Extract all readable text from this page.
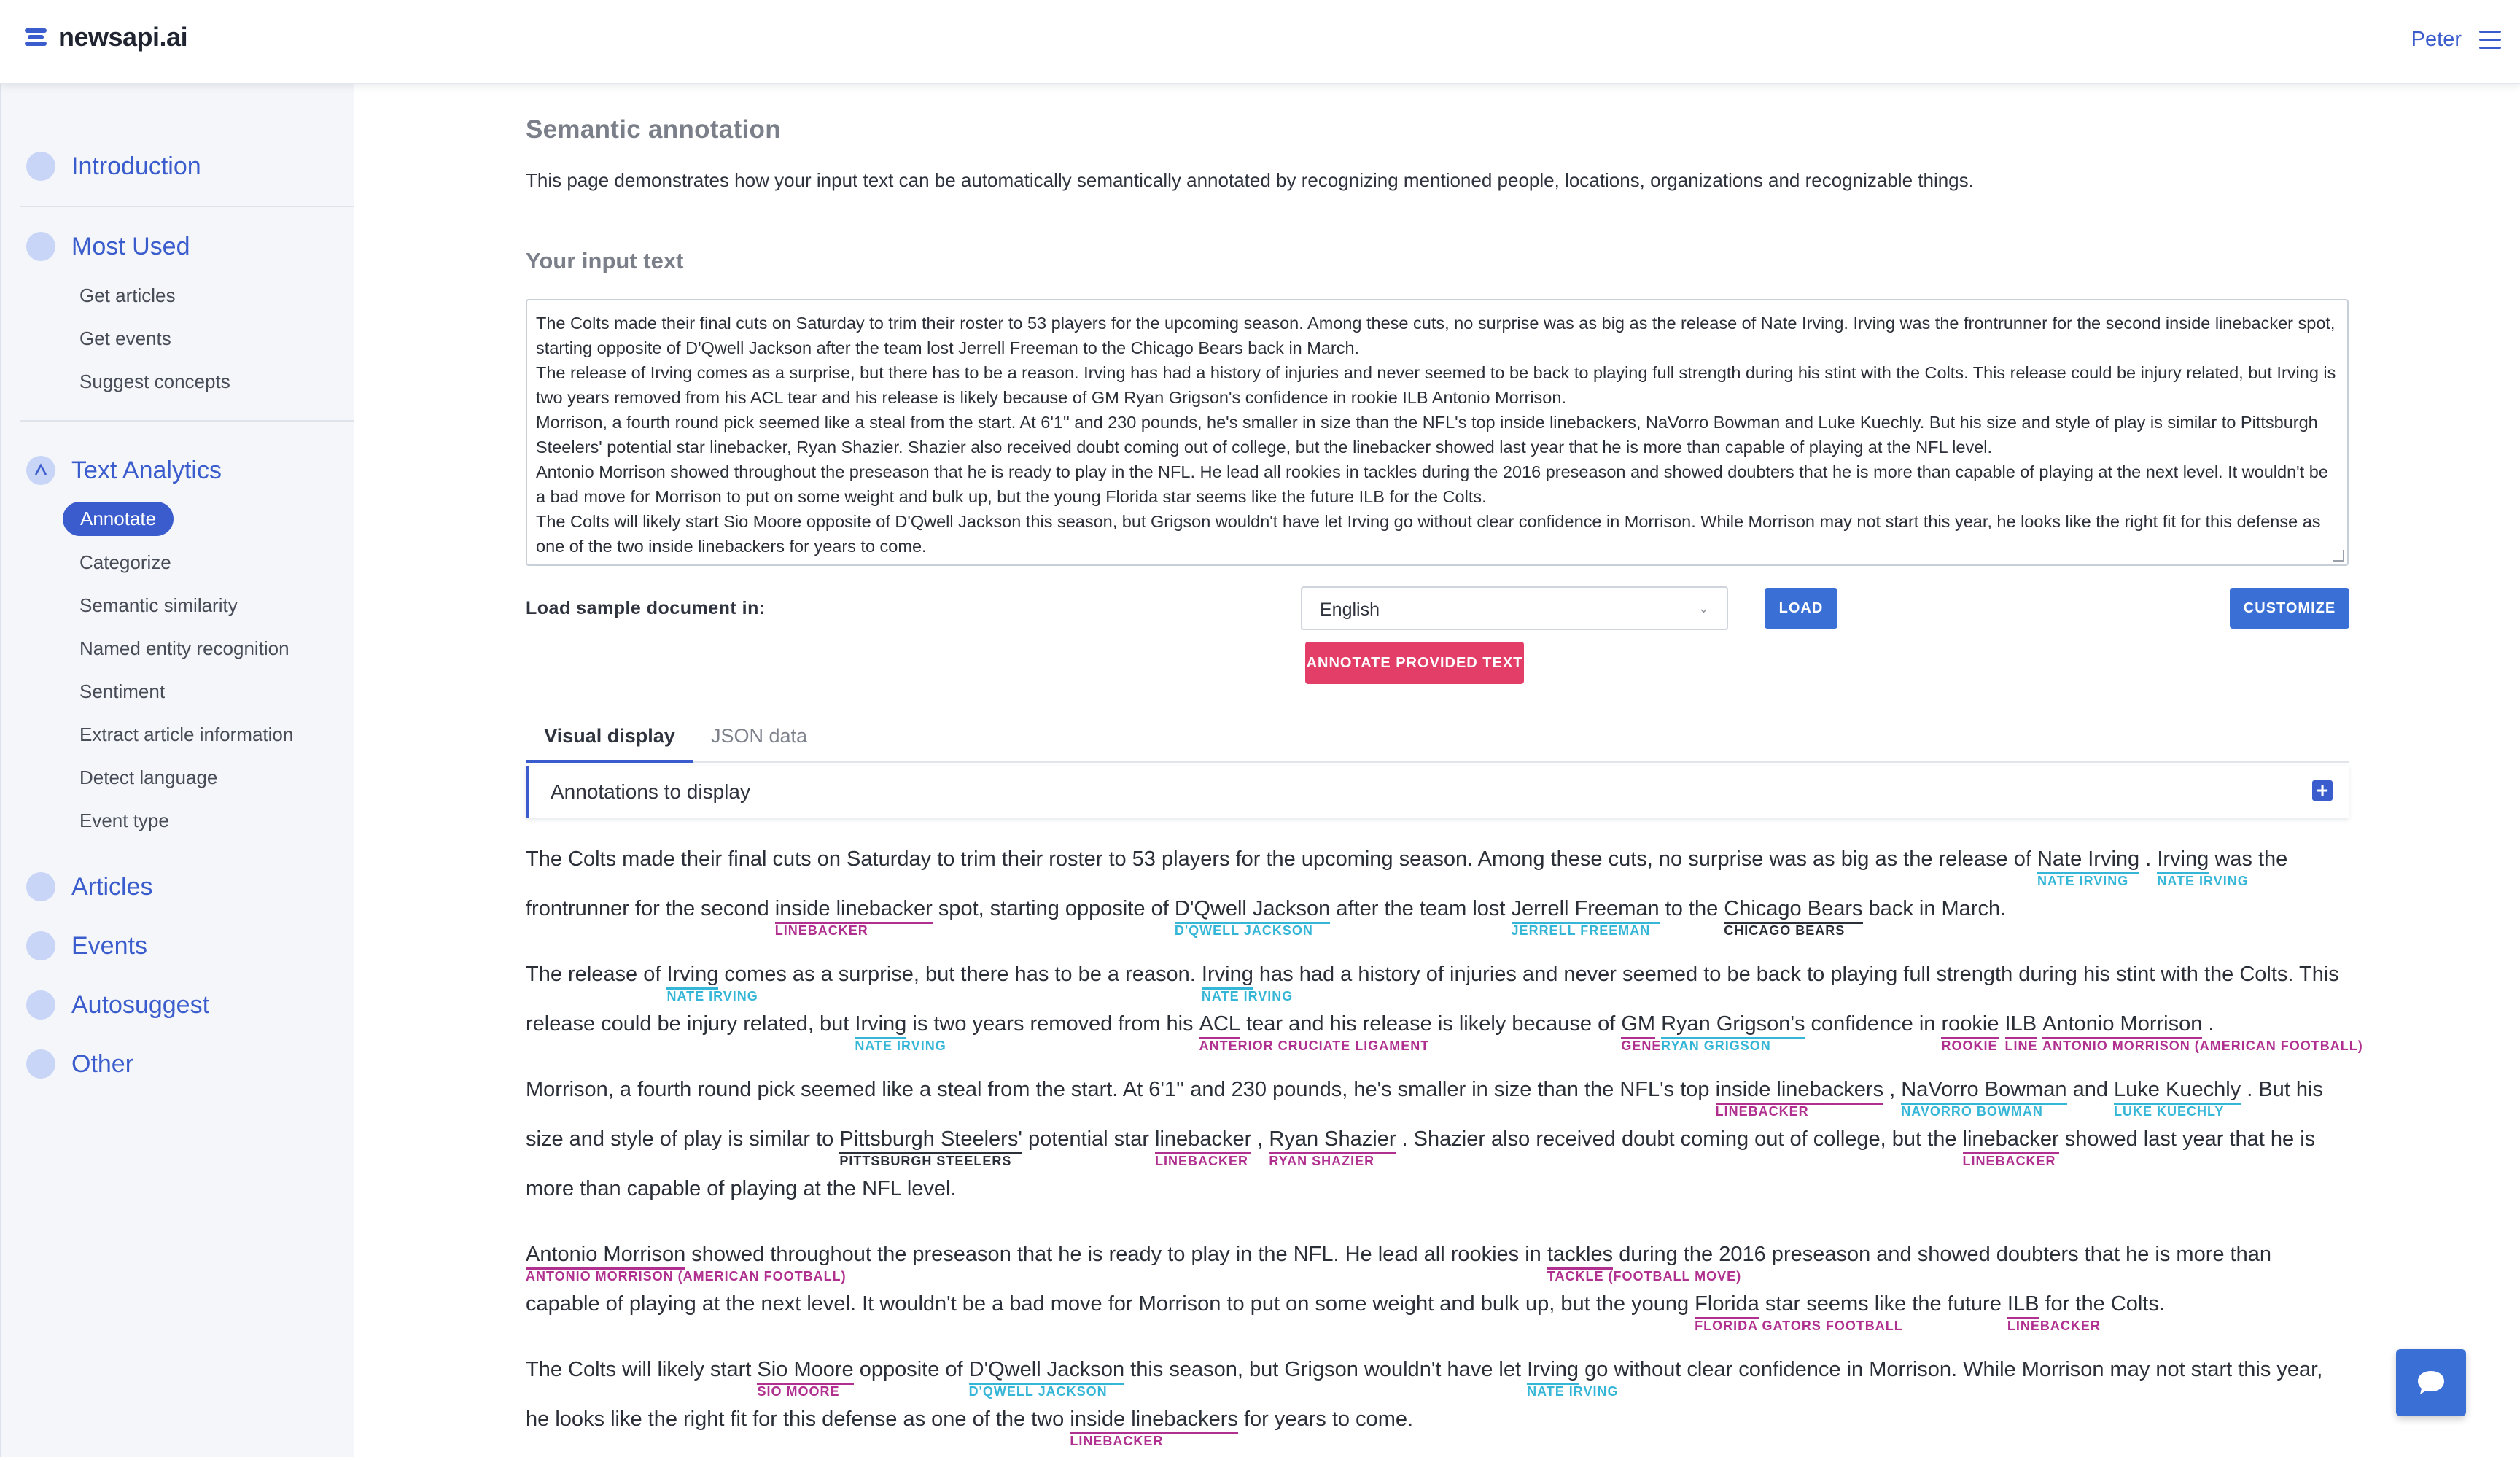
newsapi.ai	Peter
Introduction
Most Used
Get articles
Get events
Suggest concepts
Text Analytics
Annotate
Categorize
Semantic similarity
Named entity recognition
Sentiment
Extract article information
Detect language
Event type
Articles
Events
Autosuggest
Other
Semantic annotation
This page demonstrates how your input text can be automatically semantically annotated by recognizing mentioned people, locations, organizations and recognizable things.
Your input text

The Colts made their final cuts on Saturday to trim their roster to 53 players for the upcoming season. Among these cuts, no surprise was as big as the release of Nate Irving. Irving was the frontrunner for the second inside linebacker spot, starting opposite of D'Qwell Jackson after the team lost Jerrell Freeman to the Chicago Bears back in March.

The release of Irving comes as a surprise, but there has to be a reason. Irving has had a history of injuries and never seemed to be back to playing full strength during his stint with the Colts. This release could be injury related, but Irving is two years removed from his ACL tear and his release is likely because of GM Ryan Grigson's confidence in rookie ILB Antonio Morrison.

Morrison, a fourth round pick seemed like a steal from the start. At 6'1'' and 230 pounds, he's smaller in size than the NFL's top inside linebackers, NaVorro Bowman and Luke Kuechly. But his size and style of play is similar to Pittsburgh Steelers' potential star linebacker, Ryan Shazier. Shazier also received doubt coming out of college, but the linebacker showed last year that he is more than capable of playing at the NFL level.

Antonio Morrison showed throughout the preseason that he is ready to play in the NFL. He lead all rookies in tackles during the 2016 preseason and showed doubters that he is more than capable of playing at the next level. It wouldn't be a bad move for Morrison to put on some weight and bulk up, but the young Florida star seems like the future ILB for the Colts.

The Colts will likely start Sio Moore opposite of D'Qwell Jackson this season, but Grigson wouldn't have let Irving go without clear confidence in Morrison. While Morrison may not start this year, he looks like the right fit for this defense as one of the two inside linebackers for years to come.

Load sample document in:	English	⌄	LOAD	CUSTOMIZE
ANNOTATE PROVIDED TEXT
Visual display	JSON data
Annotations to display	+
The Colts made their final cuts on Saturday to trim their roster to 53 players for the upcoming season. Among these cuts, no surprise was as big as the release of Nate Irving
NATE IRVING
. Irving
NATE IRVING
was the frontrunner for the second inside linebacker
LINEBACKER
spot, starting opposite of D'Qwell Jackson
D'QWELL JACKSON
after the team lost Jerrell Freeman
JERRELL FREEMAN
to the Chicago Bears
CHICAGO BEARS
back in March.
The release of Irving
NATE IRVING
comes as a surprise, but there has to be a reason. Irving
NATE IRVING
has had a history of injuries and never seemed to be back to playing full strength during his stint with the Colts. This release could be injury related, but Irving
NATE IRVING
is two years removed from his ACL
ANTERIOR CRUCIATE LIGAMENT
tear and his release is likely because of GM
GENE
Ryan Grigson's
RYAN GRIGSON
confidence in rookie
ROOKIE
ILB
LINE
Antonio Morrison
ANTONIO MORRISON (AMERICAN FOOTBALL)
.
Morrison, a fourth round pick seemed like a steal from the start. At 6'1'' and 230 pounds, he's smaller in size than the NFL's top inside linebackers
LINEBACKER
, NaVorro Bowman
NAVORRO BOWMAN
and Luke Kuechly
LUKE KUECHLY
. But his size and style of play is similar to Pittsburgh Steelers'
PITTSBURGH STEELERS
potential star linebacker
LINEBACKER
, Ryan Shazier
RYAN SHAZIER
. Shazier also received doubt coming out of college, but the linebacker
LINEBACKER
showed last year that he is more than capable of playing at the NFL level.
Antonio Morrison
ANTONIO MORRISON (AMERICAN FOOTBALL)
showed throughout the preseason that he is ready to play in the NFL. He lead all rookies in tackles
TACKLE (FOOTBALL MOVE)
during the 2016 preseason and showed doubters that he is more than capable of playing at the next level. It wouldn't be a bad move for Morrison to put on some weight and bulk up, but the young Florida
FLORIDA GATORS FOOTBALL
star seems like the future ILB
LINEBACKER
for the Colts.
The Colts will likely start Sio Moore
SIO MOORE
opposite of D'Qwell Jackson
D'QWELL JACKSON
this season, but Grigson wouldn't have let Irving
NATE IRVING
go without clear confidence in Morrison. While Morrison may not start this year, he looks like the right fit for this defense as one of the two inside linebackers
LINEBACKER
for years to come.
